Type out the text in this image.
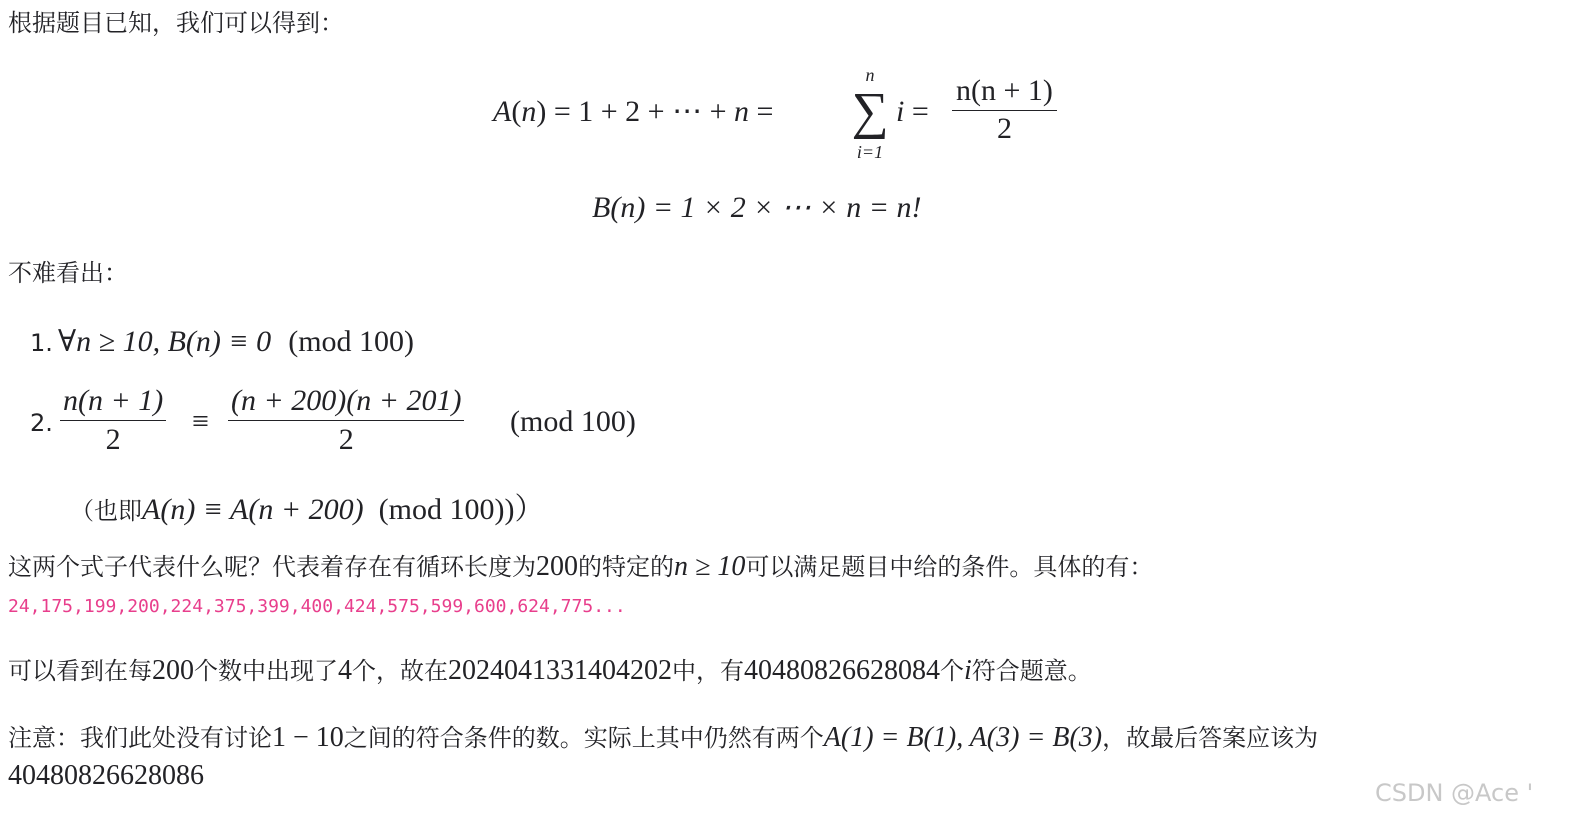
根据题目已知，我们可以得到：
A(n) = 1 + 2 + ⋯ + n =
n
∑
i=1
$i = \frac{n(n + 1)}{2}$
B(n) = 1 × 2 × ⋯ × n = n!
不难看出：
1. ∀n ≥ 10, B(n) ≡ 0 (mod 100)
2. $\frac{n(n + 1)}{2} \equiv \frac{(n + 200)(n + 201)}{2} (mod$ 100)
（也即A(n) ≡ A(n + 200) (mod 100))）
这两个式子代表什么呢？代表着存在有循环长度为200的特定的n ≥ 10可以满足题目中给的条件。具体的有：
24,175,199,200,224,375,399,400,424,575,599,600,624,775...
可以看到在每200个数中出现了4个，故在2024041331404202中，有40480826628084个i符合题意。
注意：我们此处没有讨论1 − 10之间的符合条件的数。实际上其中仍然有两个A(1) = B(1), A(3) = B(3)，故最后答案应该为
40480826628086
CSDN @Ace '
